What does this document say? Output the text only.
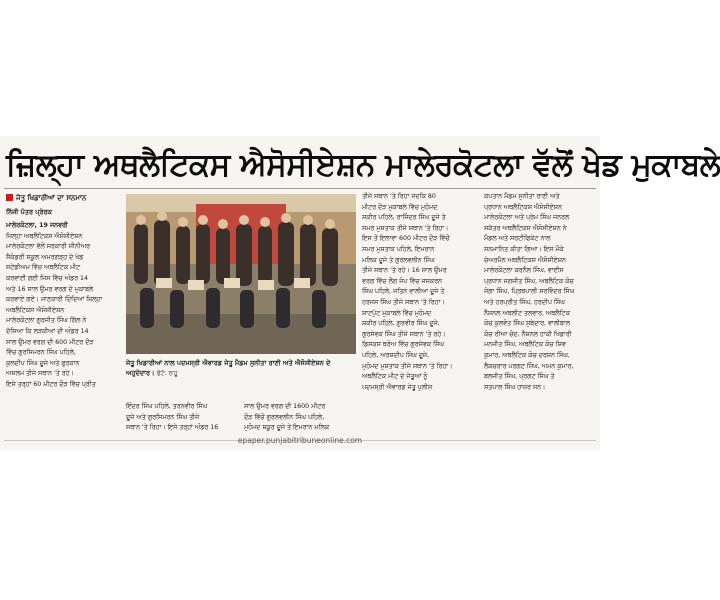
ਜ਼ਿਲ੍ਹਾ ਅਥਲੈਟਿਕਸ ਐਸੋਸੀਏਸ਼ਨ ਮਾਲੇਰਕੋਟਲਾ ਵੱਲੋਂ ਖੇਡ ਮੁਕਾਬਲੇ
ਜੇਤੂ ਖਿਡਾਰੀਆਂ ਦਾ ਸਨਮਾਨ
ਨਿੱਜੀ ਪੱਤਰ ਪ੍ਰੇਰਕ
ਮਾਲੇਰਕੋਟਲਾ, 19 ਜਨਵਰੀ
ਜ਼ਿਲ੍ਹਾ ਅਥਲੈਟਿਕਸ ਐਸੋਸੀਏਸ਼ਨ
ਮਾਲੇਰਕੋਟਲਾ ਵੱਲੋਂ ਸਰਕਾਰੀ ਸੀਨੀਅਰ
ਸੈਕੰਡਰੀ ਸਕੂਲ ਅਮਰਗੜ੍ਹ ਦੇ ਖੇਡ
ਸਟੇਡੀਅਮ ਵਿੱਚ ਅਥਲੈਟਿਕ ਮੀਟ
ਕਰਵਾਈ ਗਈ ਜਿਸ ਵਿੱਚ ਅੰਡਰ 14
ਅਤੇ 16 ਸਾਲ ਉਮਰ ਵਰਗ ਦੇ ਮੁਕਾਬਲੇ
ਕਰਵਾਏ ਗਏ। ਜਾਣਕਾਰੀ ਦਿੰਦਿਆਂ ਜ਼ਿਲ੍ਹਾ
ਅਥਲੈਟਿਕਸ ਐਸੋਸੀਏਸ਼ਨ
ਮਾਲੇਰਕੋਟਲਾ ਗੁਰਜੀਤ ਸਿੰਘ ਗਿੱਲ ਨੇ
ਦੱਸਿਆ ਕਿ ਲੜਕੀਆਂ ਦੀ ਅੰਡਰ 14
ਸਾਲ ਉਮਰ ਵਰਗ ਦੀ 600 ਮੀਟਰ ਦੌੜ
ਵਿੱਚ ਗੁਰਸਿਮਰਨ ਸਿੰਘ ਪਹਿਲੇ,
ਕੁਲਦੀਪ ਸਿੰਘ ਦੂਜੇ ਅਤੇ ਫੁਰਕਾਨ
ਅਸਲਮ ਤੀਜੇ ਸਥਾਨ 'ਤੇ ਰਹੇ।
ਇਸੇ ਤਰ੍ਹਾਂ 60 ਮੀਟਰ ਦੌੜ ਵਿੱਚ ਪ੍ਰੀਤ
ਜੇਤੂ ਖਿਡਾਰੀਆਂ ਨਾਲ ਪਦਮਸ੍ਰੀ ਐਵਾਰਡ ਜੇਤੂ ਮੈਡਮ ਸੁਨੀਤਾ ਰਾਣੀ ਅਤੇ ਐਸੋਸੀਏਸ਼ਨ ਦੇ ਅਹੁਦੇਦਾਰ। ਫੋਟੋ: ਰਾਹੂ
ਤੀਜੇ ਸਥਾਨ 'ਤੇ ਰਿਹਾ ਜਦਕਿ 80
ਮੀਟਰ ਦੌੜ ਮੁਕਾਬਲੇ ਵਿੱਚ ਮੁਹੰਮਦ
ਸ਼ਕੀਰ ਪਹਿਲੇ, ਰਾਜਿੰਦਰ ਸਿੰਘ ਦੂਜੇ ਤੇ
ਸਮਰ ਮੁਸ਼ਤਾਕ ਤੀਜੇ ਸਥਾਨ 'ਤੇ ਰਿਹਾ।
ਇਸ ਤੋਂ ਇਲਾਵਾ 600 ਮੀਟਰ ਦੌੜ ਵਿੱਚੋਂ
ਸਮਰ ਮੁਸ਼ਤਾਕ ਪਹਿਲੇ, ਇਮਰਾਨ
ਮਲਿਕ ਦੂਜੇ ਤੇ ਗੁਰਲਵਲੀਨ ਸਿੰਘ
ਤੀਜੇ ਸਥਾਨ 'ਤੇ ਰਹੇ। 16 ਸਾਲ ਉਮਰ
ਵਰਗ ਵਿੱਚ ਲੌਂਗ ਜੰਪ ਵਿੱਚ ਜਸਕਰਨ
ਸਿੰਘ ਪਹਿਲੇ, ਜਤਿਨ ਵਾਲੀਆ ਦੂਜੇ ਤੇ
ਹਰਜਸ ਸਿੰਘ ਤੀਜੇ ਸਥਾਨ 'ਤੇ ਰਿਹਾ।
ਸ਼ਾਟਪੁੱਟ ਮੁਕਾਬਲੇ ਵਿੱਚ ਮੁਹੰਮਦ
ਸ਼ਕੀਰ ਪਹਿਲੇ, ਗੁਰਵੀਰ ਸਿੰਘ ਦੂਜੇ,
ਗੁਰਸੇਵਕ ਸਿੰਘ ਤੀਜੇ ਸਥਾਨ 'ਤੇ ਰਹੇ।
ਡਿਸਕਸ ਥਰੋਅ ਵਿੱਚ ਗੁਰਸੇਵਕ ਸਿੰਘ
ਪਹਿਲੇ, ਅਰਸ਼ਦੀਪ ਸਿੰਘ ਦੂਜੇ,
ਮੁਹੰਮਦ ਮੁਸ਼ਤਾਕ ਤੀਜੇ ਸਥਾਨ 'ਤੇ ਰਿਹਾ।
ਅਥਲੈਟਿਕ ਮੀਟ ਦੇ ਜੇਤੂਆਂ ਨੂੰ
ਪਦਮਸ੍ਰੀ ਐਵਾਰਡ ਜੇਤੂ ਪੁਲੀਸ
ਕਪਤਾਨ ਮੈਡਮ ਸੁਨੀਤਾ ਰਾਣੀ ਅਤੇ
ਪ੍ਰਧਾਨ ਅਥਲੈਟਿਕਸ ਐਸੋਸੀਏਸ਼ਨ
ਮਾਲੇਰਕੋਟਲਾ ਅਤੇ ਪ੍ਰੇਮ ਸਿੰਘ ਜਨਰਲ
ਸਕੱਤਰ ਅਥਲੈਟਿਕਸ ਐਸੋਸੀਏਸ਼ਨ ਨੇ
ਮੈਡਲ ਅਤੇ ਸਰਟੀਫਿਕੇਟ ਨਾਲ
ਸਨਮਾਨਿਤ ਕੀਤਾ ਗਿਆ। ਇਸ ਮੌਕੇ
ਚੇਅਰਮੈਨ ਅਥਲੈਟਿਕਸ ਐਸੋਸੀਏਸ਼ਨ
ਮਾਲੇਰਕੋਟਲਾ ਕਰਨੈਲ ਸਿੰਘ, ਵਾਈਸ
ਪ੍ਰਧਾਨ ਜਗਜੀਤ ਸਿੰਘ, ਅਥਲੈਟਿਕ ਕੋਚ
ਜੰਗਾ ਸਿੰਘ, ਪ੍ਰਿਥਪਾਲੀ ਸਰਵਿੰਦਰ ਸਿੰਘ
ਅਤੇ ਹਰਪ੍ਰੀਤ ਸਿੰਘ, ਹਰਦੀਪ ਸਿੰਘ
ਨੈਸ਼ਨਲ ਅਥਲੀਟ ਤਲਵਾਰ, ਅਥਲੈਟਿਕ
ਕੋਚ ਕੁਲਵੰਤ ਸਿੰਘ ਸੁਬੇਦਾਰ, ਵਾਲੀਬਾਲ
ਕੋਚ ਰੀਆ ਚੰਦ, ਨੈਸ਼ਨਲ ਹਾਕੀ ਖਿਡਾਰੀ
ਮਨਜੀਤ ਸਿੰਘ, ਅਥਲੈਟਿਕ ਕੋਚ ਸ਼ਿਵ
ਕੁਮਾਰ, ਅਥਲੈਟਿਕ ਕੋਚ ਦਰਸ਼ਨ ਸਿੰਘ,
ਲੈਕਚਰਾਰ ਪਰਗਟ ਸਿੰਘ, ਅਮਨ ਕੁਮਾਰ,
ਬਲਜੀਤ ਸਿੰਘ, ਪ੍ਰਗਟ ਸਿੰਘ ਤੇ
ਸਤਪਾਲ ਸਿੰਘ ਹਾਜ਼ਰ ਸਨ।
ਇੰਦਰ ਸਿੰਘ ਪਹਿਲੇ, ਤਰਨਵੀਰ ਸਿੰਘ
ਦੂਜੇ ਅਤੇ ਗੁਰਸਿਮਰਨ ਸਿੰਘ ਤੀਜੇ
ਸਥਾਨ 'ਤੇ ਰਿਹਾ। ਇਸੇ ਤਰ੍ਹਾਂ ਅੰਡਰ 16
ਸਾਲ ਉਮਰ ਵਰਗ ਦੀ 1600 ਮੀਟਰ
ਦੌੜ ਵਿੱਚੋਂ ਗੁਰਲਵਲੀਨ ਸਿੰਘ ਪਹਿਲੇ,
ਮੁਹੰਮਦ ਸ਼ਕੂਰ ਦੂਜੇ ਤੇ ਇਮਰਾਨ ਮਲਿਕ
epaper.punjabitribuneonline.com
